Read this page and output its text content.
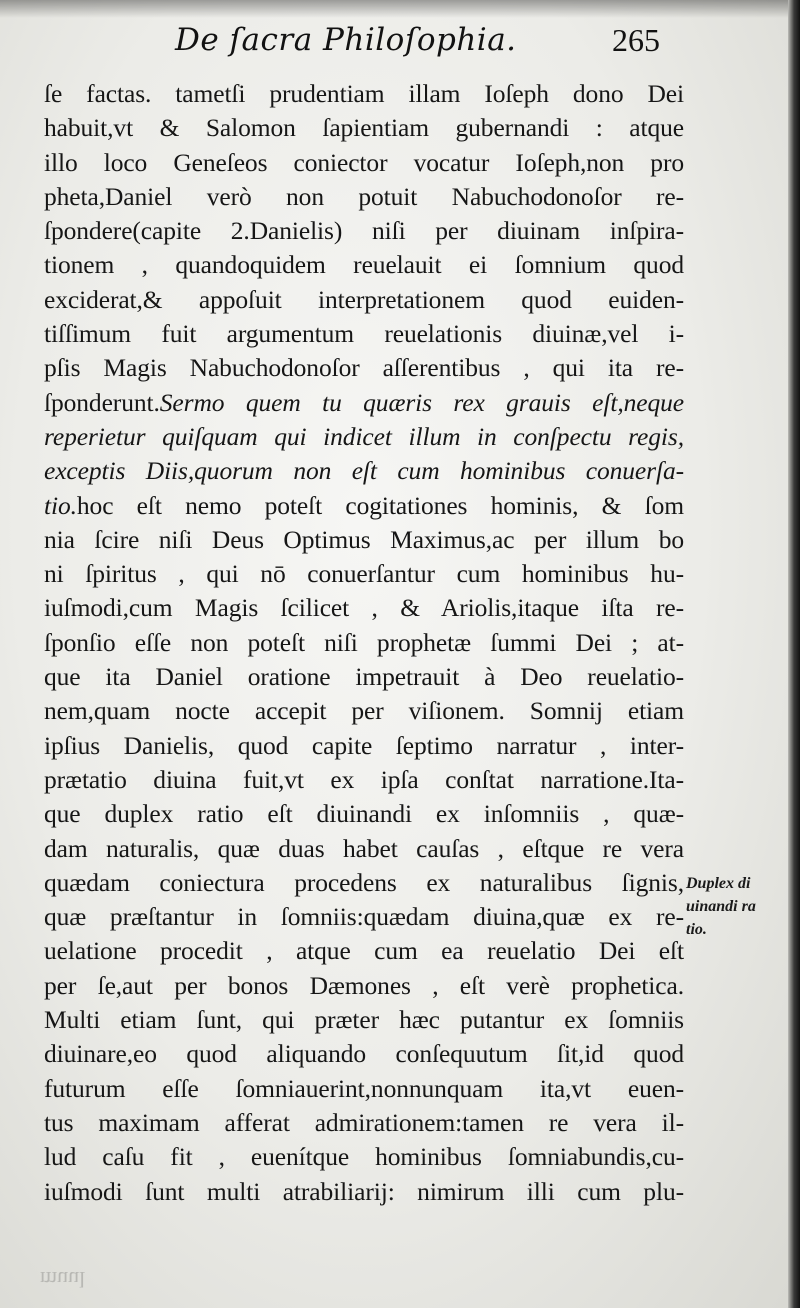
De ſacra Philoſophia.	265
ſe factas. tametſi prudentiam illam Ioſeph dono Dei
habuit,vt & Salomon ſapientiam gubernandi : atque
illo loco Geneſeos coniector vocatur Ioſeph,non pro
pheta,Daniel verò non potuit Nabuchodonoſor re-
ſpondere(capite 2.Danielis) niſi per diuinam inſpira-
tionem , quandoquidem reuelauit ei ſomnium quod
exciderat,& appoſuit interpretationem quod euiden-
tiſſimum fuit argumentum reuelationis diuinæ,vel i-
pſis Magis Nabuchodonoſor aſſerentibus , qui ita re-
ſponderunt.Sermo quem tu quæris rex grauis eſt,neque
reperietur quiſquam qui indicet illum in conſpectu regis,
exceptis Diis,quorum non eſt cum hominibus conuerſa-
tio.hoc eſt nemo poteſt cogitationes hominis, & ſom
nia ſcire niſi Deus Optimus Maximus,ac per illum bo
ni ſpiritus , qui nō conuerſantur cum hominibus hu-
iuſmodi,cum Magis ſcilicet , & Ariolis,itaque iſta re-
ſponſio eſſe non poteſt niſi prophetæ ſummi Dei ; at-
que ita Daniel oratione impetrauit à Deo reuelatio-
nem,quam nocte accepit per viſionem. Somnij etiam
ipſius Danielis, quod capite ſeptimo narratur , inter-
prætatio diuina fuit,vt ex ipſa conſtat narratione.Ita-
que duplex ratio eſt diuinandi ex inſomniis , quæ-
dam naturalis, quæ duas habet cauſas , eſtque re vera
quædam coniectura procedens ex naturalibus ſignis,
quæ præſtantur in ſomniis:quædam diuina,quæ ex re-
uelatione procedit , atque cum ea reuelatio Dei eſt
per ſe,aut per bonos Dæmones , eſt verè prophetica.
Multi etiam ſunt, qui præter hæc putantur ex ſomniis
diuinare,eo quod aliquando conſequutum ſit,id quod
futurum eſſe ſomniauerint,nonnunquam ita,vt euen-
tus maximam afferat admirationem:tamen re vera il-
lud caſu fit , euenítque hominibus ſomniabundis,cu-
iuſmodi ſunt multi atrabiliarij: nimirum illi cum plu-
Duplex di
uinandi ra
tio.
muul
